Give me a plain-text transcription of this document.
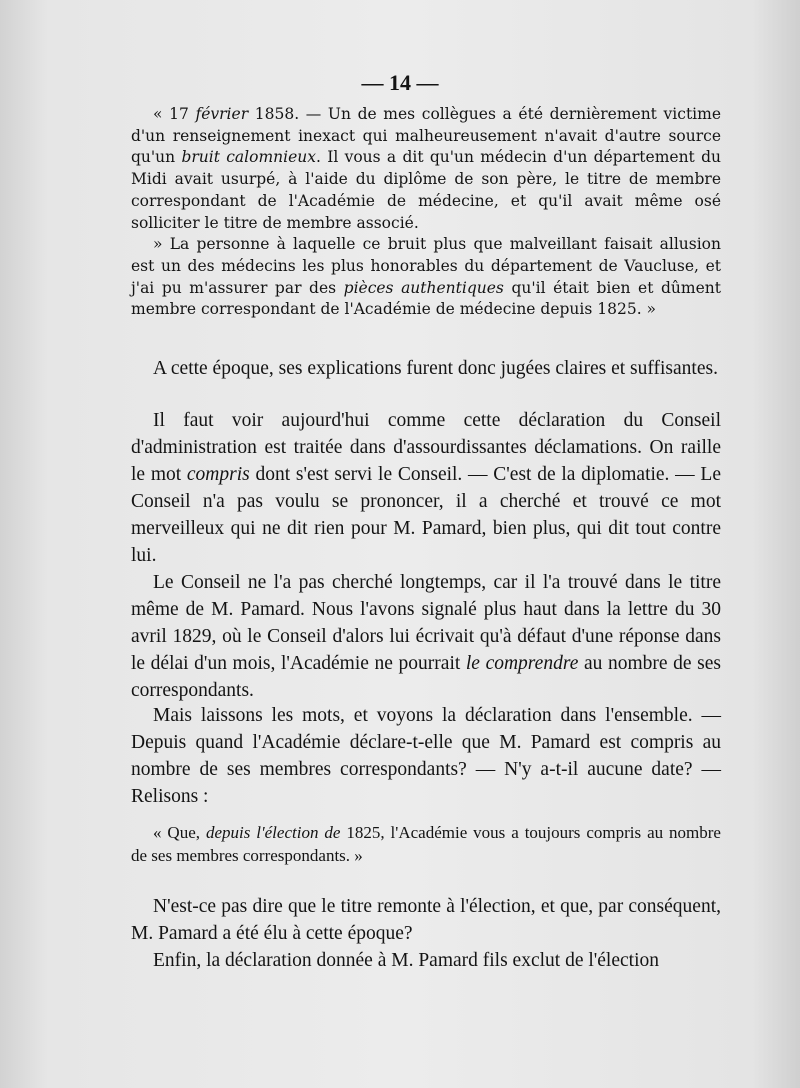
— 14 —

« 17 février 1858. — Un de mes collègues a été dernièrement victime d'un renseignement inexact qui malheureusement n'avait d'autre source qu'un bruit calomnieux. Il vous a dit qu'un médecin d'un département du Midi avait usurpé, à l'aide du diplôme de son père, le titre de membre correspondant de l'Académie de médecine, et qu'il avait même osé solliciter le titre de membre associé.

» La personne à laquelle ce bruit plus que malveillant faisait allusion est un des médecins les plus honorables du département de Vaucluse, et j'ai pu m'assurer par des pièces authentiques qu'il était bien et dûment membre correspondant de l'Académie de médecine depuis 1825. »

A cette époque, ses explications furent donc jugées claires et suffisantes.

Il faut voir aujourd'hui comme cette déclaration du Conseil d'administration est traitée dans d'assourdissantes déclamations. On raille le mot compris dont s'est servi le Conseil. — C'est de la diplomatie. — Le Conseil n'a pas voulu se prononcer, il a cherché et trouvé ce mot merveilleux qui ne dit rien pour M. Pamard, bien plus, qui dit tout contre lui.

Le Conseil ne l'a pas cherché longtemps, car il l'a trouvé dans le titre même de M. Pamard. Nous l'avons signalé plus haut dans la lettre du 30 avril 1829, où le Conseil d'alors lui écrivait qu'à défaut d'une réponse dans le délai d'un mois, l'Académie ne pourrait le comprendre au nombre de ses correspondants.

Mais laissons les mots, et voyons la déclaration dans l'ensemble. — Depuis quand l'Académie déclare-t-elle que M. Pamard est compris au nombre de ses membres correspondants? — N'y a-t-il aucune date? — Relisons :

« Que, depuis l'élection de 1825, l'Académie vous a toujours compris au nombre de ses membres correspondants. »

N'est-ce pas dire que le titre remonte à l'élection, et que, par conséquent, M. Pamard a été élu à cette époque?

Enfin, la déclaration donnée à M. Pamard fils exclut de l'élection
